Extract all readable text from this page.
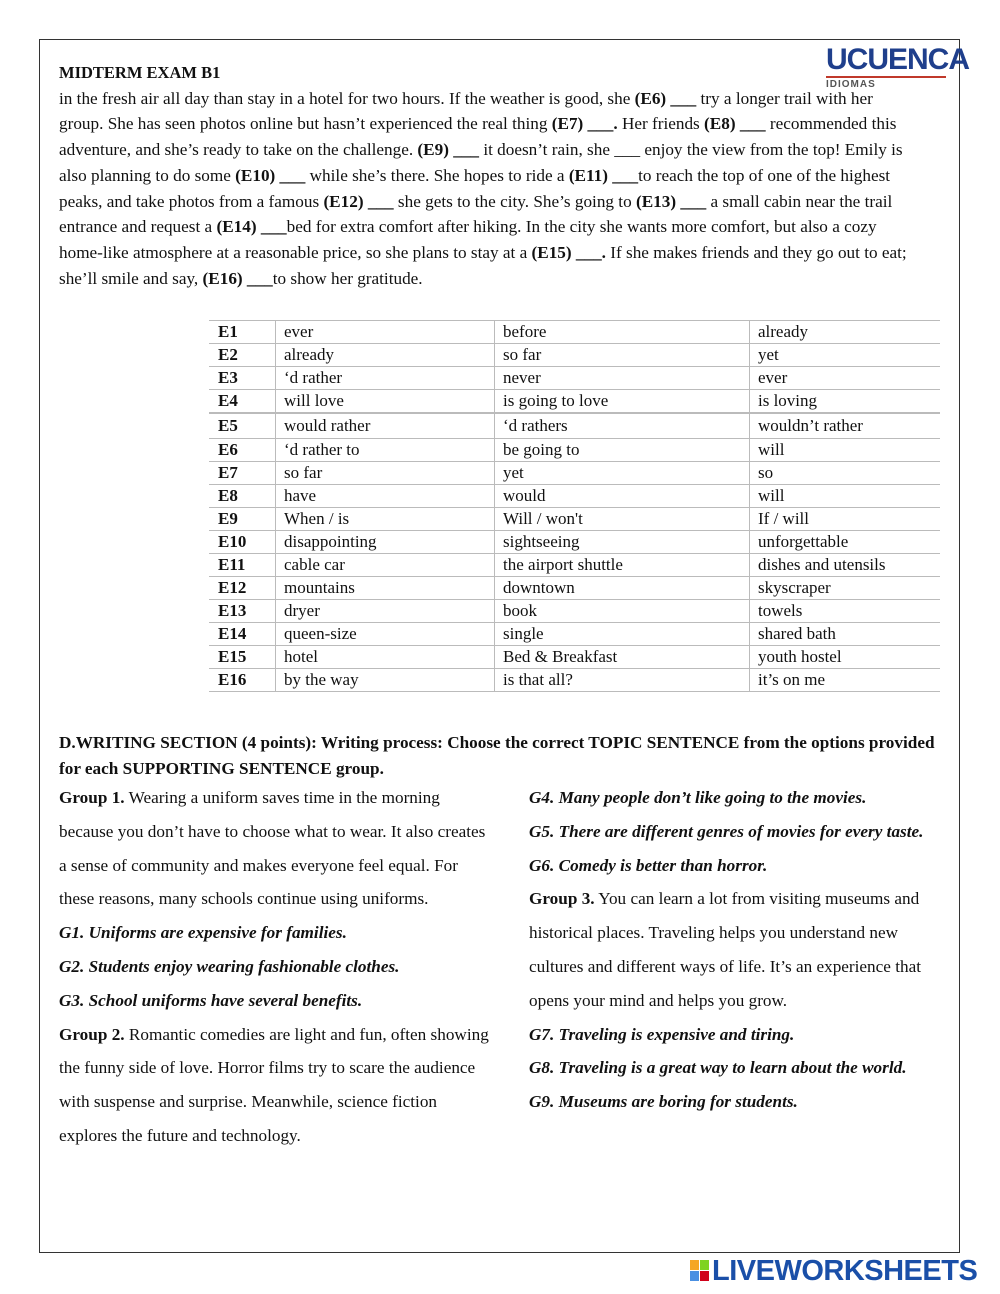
UCUENCA
IDIOMAS
MIDTERM EXAM B1
in the fresh air all day than stay in a hotel for two hours. If the weather is good, she (E6) ___ try a longer trail with her group. She has seen photos online but hasn’t experienced the real thing (E7) ___. Her friends (E8) ___ recommended this adventure, and she’s ready to take on the challenge. (E9) ___ it doesn’t rain, she ___ enjoy the view from the top! Emily is also planning to do some (E10) ___ while she’s there. She hopes to ride a (E11) ___to reach the top of one of the highest peaks, and take photos from a famous (E12) ___ she gets to the city. She’s going to (E13) ___ a small cabin near the trail entrance and request a (E14) ___bed for extra comfort after hiking. In the city she wants more comfort, but also a cozy home-like atmosphere at a reasonable price, so she plans to stay at a (E15) ___. If she makes friends and they go out to eat; she’ll smile and say, (E16) ___to show her gratitude.
E1	ever	before	already
E2	already	so far	yet
E3	‘d rather	never	ever
E4	will love	is going to love	is loving
E5	would rather	‘d rathers	wouldn’t rather
E6	‘d rather to	be going to	will
E7	so far	yet	so
E8	have	would	will
E9	When / is	Will / won't	If / will
E10	disappointing	sightseeing	unforgettable
E11	cable car	the airport shuttle	dishes and utensils
E12	mountains	downtown	skyscraper
E13	dryer	book	towels
E14	queen-size	single	shared bath
E15	hotel	Bed & Breakfast	youth hostel
E16	by the way	is that all?	it’s on me
D.WRITING SECTION (4 points): Writing process: Choose the correct TOPIC SENTENCE from the options provided for each SUPPORTING SENTENCE group.

Group 1. Wearing a uniform saves time in the morning because you don’t have to choose what to wear. It also creates a sense of community and makes everyone feel equal. For these reasons, many schools continue using uniforms.

G1. Uniforms are expensive for families.

G2. Students enjoy wearing fashionable clothes.

G3. School uniforms have several benefits.

Group 2. Romantic comedies are light and fun, often showing the funny side of love. Horror films try to scare the audience with suspense and surprise. Meanwhile, science fiction explores the future and technology.

G4. Many people don’t like going to the movies.

G5. There are different genres of movies for every taste.

G6. Comedy is better than horror.

Group 3. You can learn a lot from visiting museums and historical places. Traveling helps you understand new cultures and different ways of life. It’s an experience that opens your mind and helps you grow.

G7. Traveling is expensive and tiring.

G8. Traveling is a great way to learn about the world.

G9. Museums are boring for students.

LIVEWORKSHEETS
